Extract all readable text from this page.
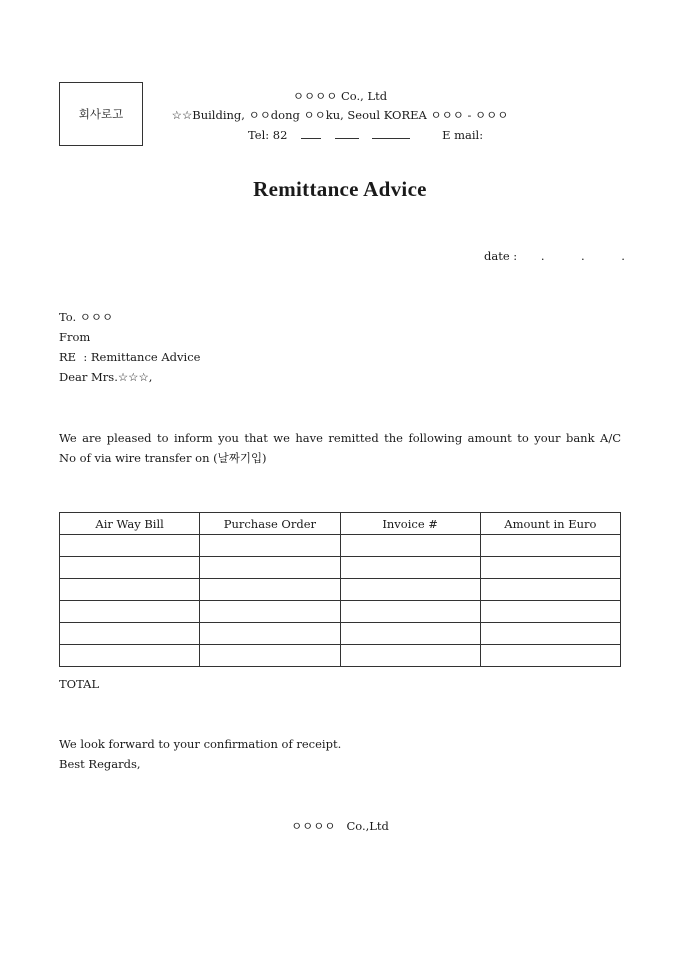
회사로고
ㅇㅇㅇㅇ Co., Ltd
☆☆Building, ㅇㅇdong ㅇㅇku, Seoul KOREA ㅇㅇㅇ - ㅇㅇㅇ
Tel: 82	E mail:
Remittance Advice
date : .          .          .
To. ㅇㅇㅇ
From
RE  : Remittance Advice
Dear Mrs.☆☆☆,
We are pleased to inform you that we have remitted the following amount to your bank A/C
No of via wire transfer on (날짜기입)
Air Way Bill	Purchase Order	Invoice #	Amount in Euro

TOTAL
We look forward to your confirmation of receipt.
Best Regards,
ㅇㅇㅇㅇ   Co.,Ltd
